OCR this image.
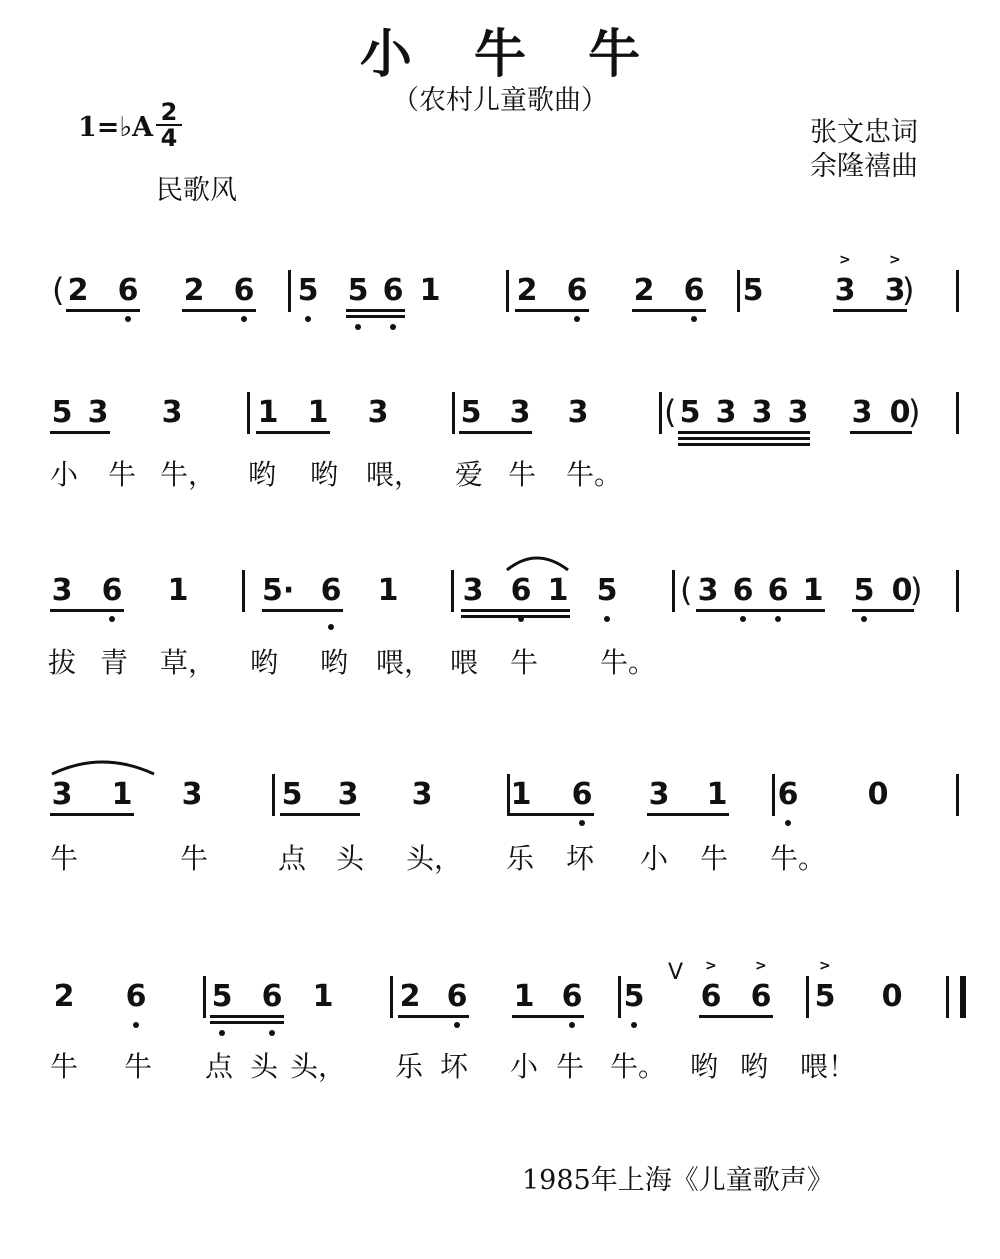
小 牛 牛
（农村儿童歌曲）
1=♭A $\frac{2}{4}$
民歌风
张文忠词
余隆禧曲
2 6 2 6 5 5 6 1	2 6 2 6 5 3 3
(	)
>	>
5 3 3	1 1 3 5 3 3	5 3 3 3 3 0
(	)
小 牛 牛， 哟 哟 喂， 爱 牛 牛。
3 6 1 5· 6 1 3 6 1 5	3 6 6 1 5 0
(	)
拔 青 草， 哟 哟 喂， 喂 牛 牛。
3 1 3	5 3 3	1 6 3 1 6 0
牛	牛 点 头 头， 乐 坏 小 牛 牛。
2 6 5 6 1 2 6 1 6 5 6 6 5 0
>	>	>
V
牛 牛 点 头 头， 乐 坏 小 牛 牛。 哟 哟 喂！
1985年上海《儿童歌声》
